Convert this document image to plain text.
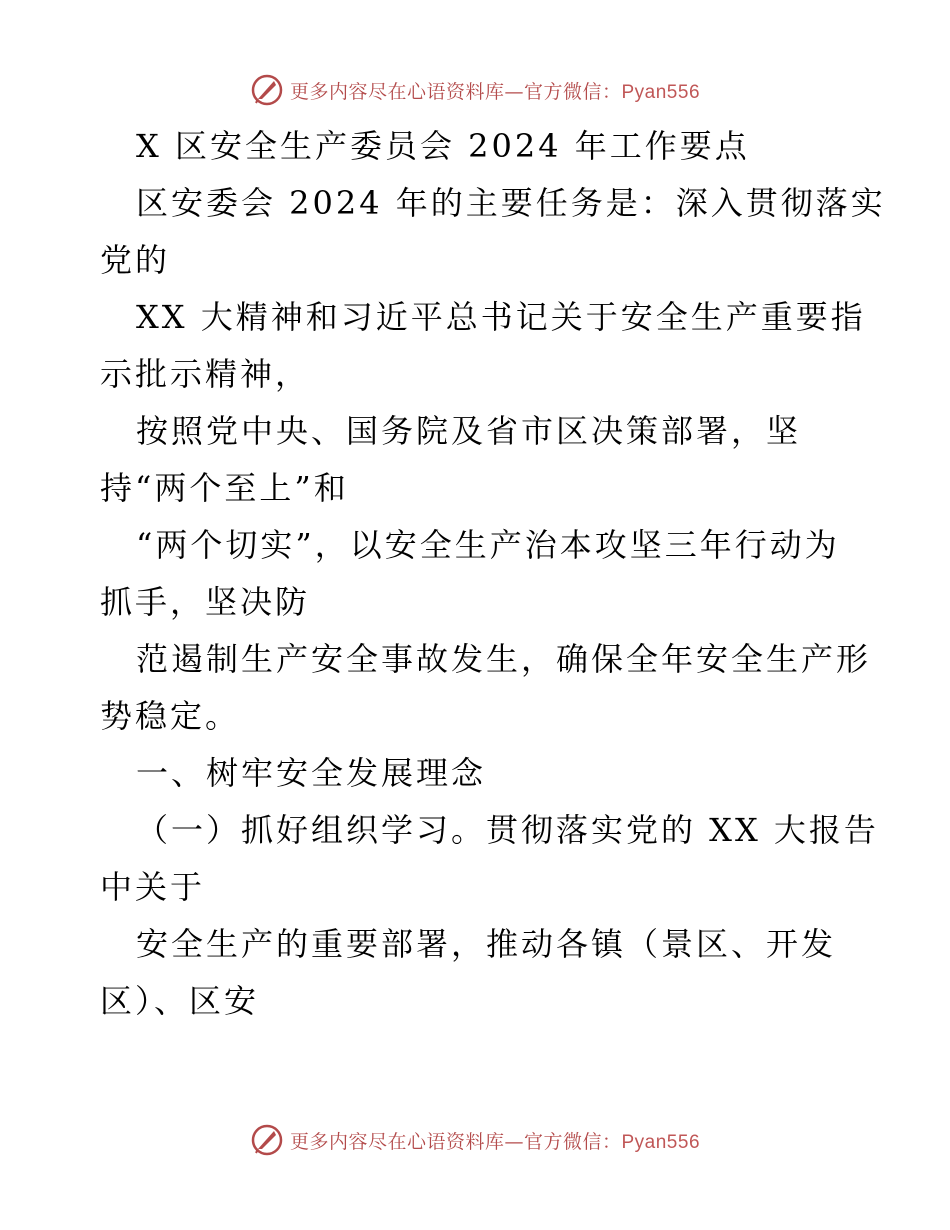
更多内容尽在心语资料库—官方微信：Pyan556
X 区安全生产委员会 2024 年工作要点
区安委会 2024 年的主要任务是：深入贯彻落实
党的
XX 大精神和习近平总书记关于安全生产重要指
示批示精神，
按照党中央、国务院及省市区决策部署，坚
持“两个至上”和
“两个切实”，以安全生产治本攻坚三年行动为
抓手，坚决防
范遏制生产安全事故发生，确保全年安全生产形
势稳定。
一、树牢安全发展理念
（一）抓好组织学习。贯彻落实党的 XX 大报告
中关于
安全生产的重要部署，推动各镇（景区、开发
区）、区安
更多内容尽在心语资料库—官方微信：Pyan556
